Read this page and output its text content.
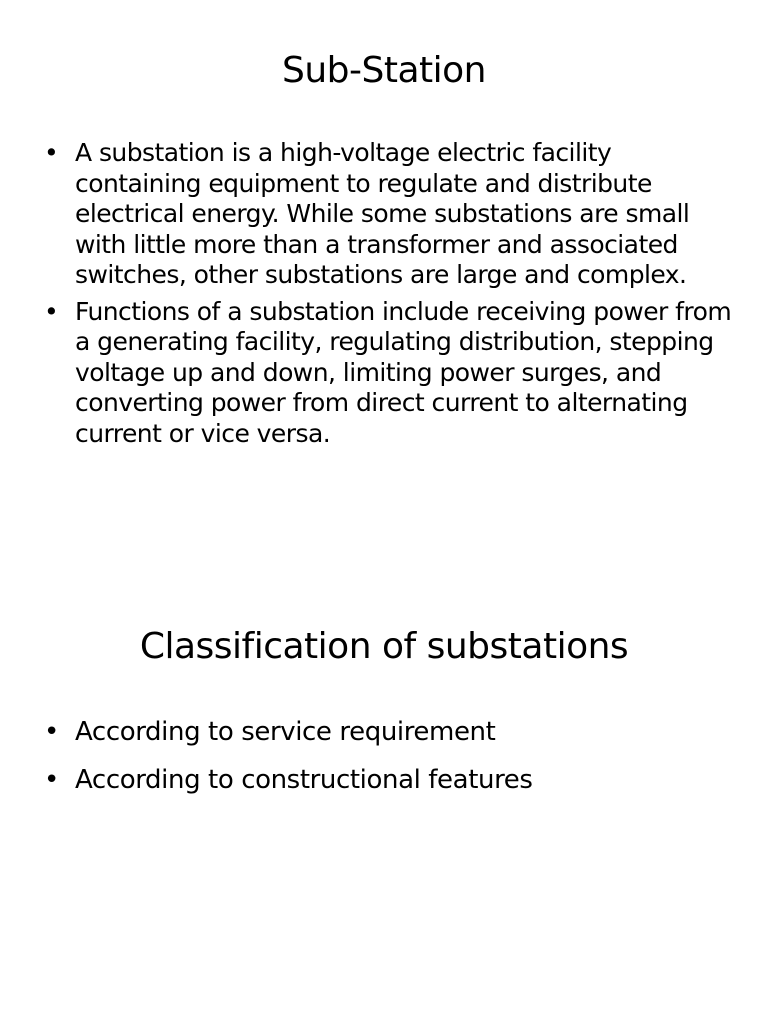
Sub-Station
• A substation is a high-voltage electric facility containing equipment to regulate and distribute electrical energy. While some substations are small with little more than a transformer and associated switches, other substations are large and complex.
• Functions of a substation include receiving power from a generating facility, regulating distribution, stepping voltage up and down, limiting power surges, and converting power from direct current to alternating current or vice versa.
Classification of substations
• According to service requirement
• According to constructional features
